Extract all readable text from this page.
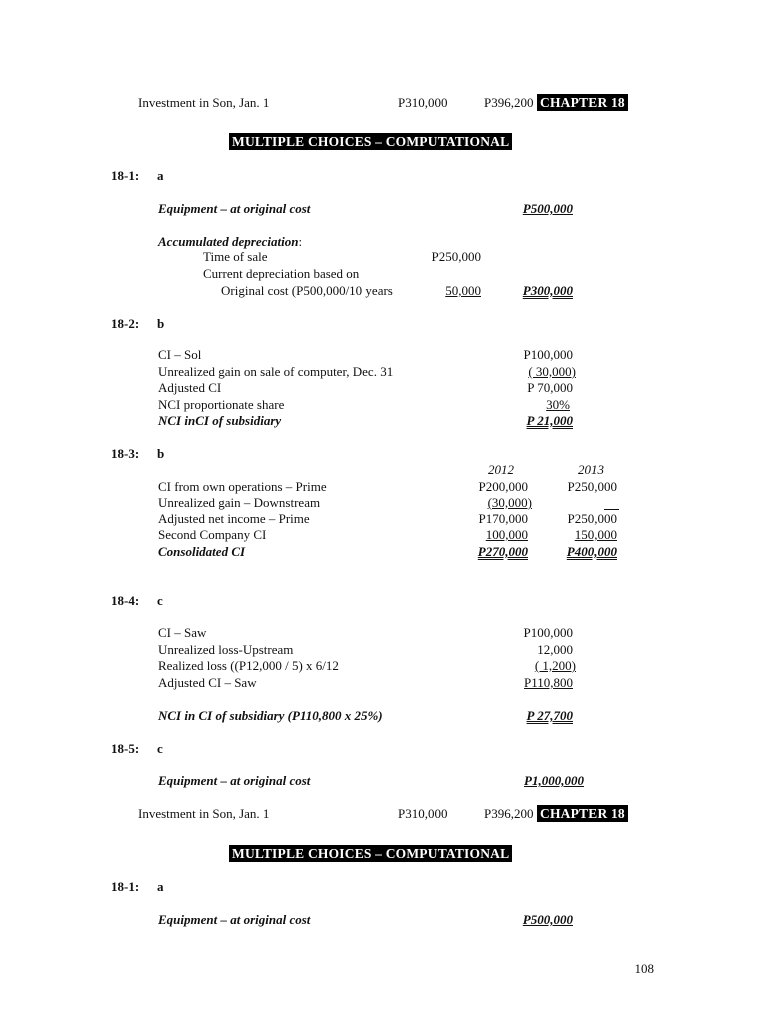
Investment in Son, Jan. 1	P310,000	P396,200 CHAPTER 18
MULTIPLE CHOICES – COMPUTATIONAL
18-1: a
Equipment – at original cost	P500,000
Accumulated depreciation:
Time of sale	P250,000
Current depreciation based on
Original cost (P500,000/10 years	50,000	P300,000
18-2: b
CI – Sol	P100,000
Unrealized gain on sale of computer, Dec. 31	( 30,000)
Adjusted CI	P 70,000
NCI proportionate share	30%
NCI inCI of subsidiary	P 21,000
18-3: b
2012	2013
CI from own operations – Prime	P200,000	P250,000
Unrealized gain – Downstream	(30,000)
Adjusted net income – Prime	P170,000	P250,000
Second Company CI	100,000	150,000
Consolidated CI	P270,000	P400,000
18-4: c
CI – Saw	P100,000
Unrealized loss-Upstream	12,000
Realized loss ((P12,000 / 5) x 6/12	( 1,200)
Adjusted CI – Saw	P110,800
NCI in CI of subsidiary (P110,800 x 25%)	P 27,700
18-5: c
Equipment – at original cost	P1,000,000
Investment in Son, Jan. 1	P310,000	P396,200 CHAPTER 18
MULTIPLE CHOICES – COMPUTATIONAL
18-1: a
Equipment – at original cost	P500,000
108
